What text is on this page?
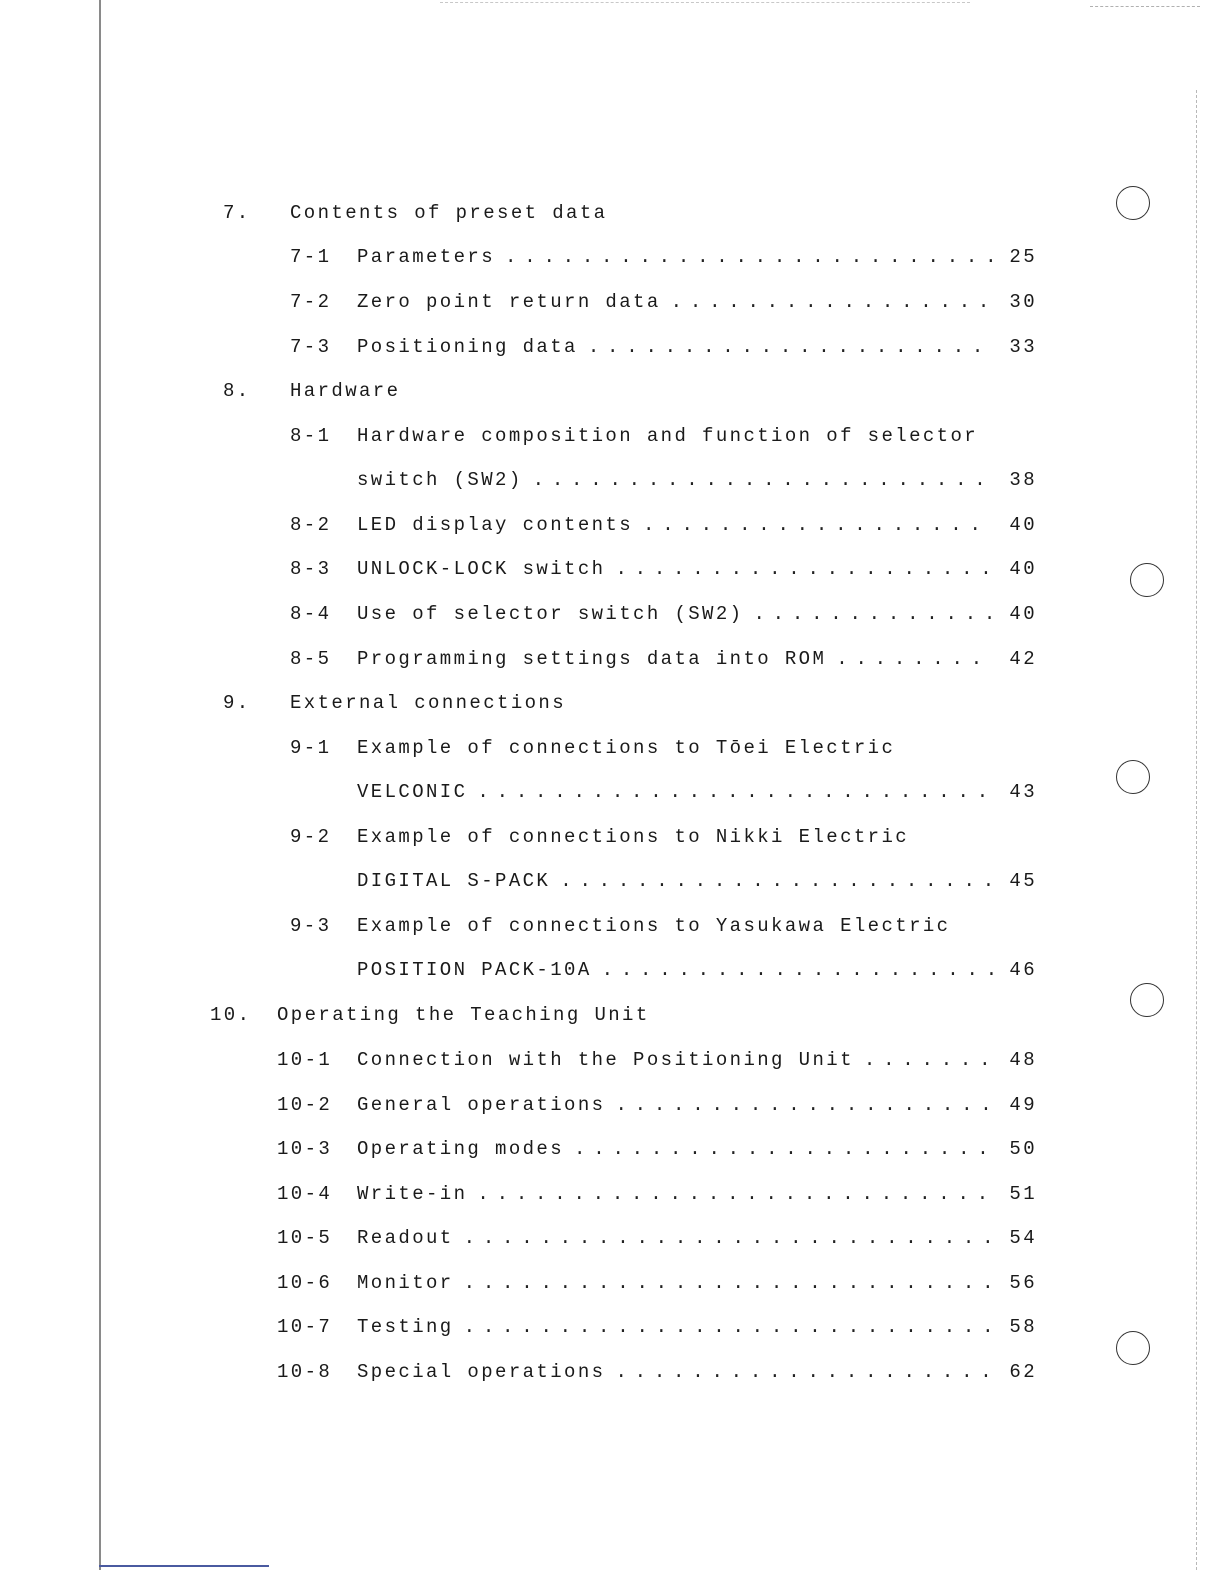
7. Contents of preset data
7-1 Parameters . . .	25
7-2 Zero point return data . . .	30
7-3 Positioning data . . .	33
8. Hardware
8-1 Hardware composition and function of selector
switch (SW2) . . .	38
8-2 LED display contents . . .	40
8-3 UNLOCK-LOCK switch . . .	40
8-4 Use of selector switch (SW2) . . .	40
8-5 Programming settings data into ROM . . .	42
9. External connections
9-1 Example of connections to Tōei Electric
VELCONIC . . .	43
9-2 Example of connections to Nikki Electric
DIGITAL S-PACK . . .	45
9-3 Example of connections to Yasukawa Electric
POSITION PACK-10A . . .	46
10. Operating the Teaching Unit
10-1 Connection with the Positioning Unit . . .	48
10-2 General operations . . .	49
10-3 Operating modes . . .	50
10-4 Write-in . . .	51
10-5 Readout . . .	54
10-6 Monitor . . .	56
10-7 Testing . . .	58
10-8 Special operations . . .	62
